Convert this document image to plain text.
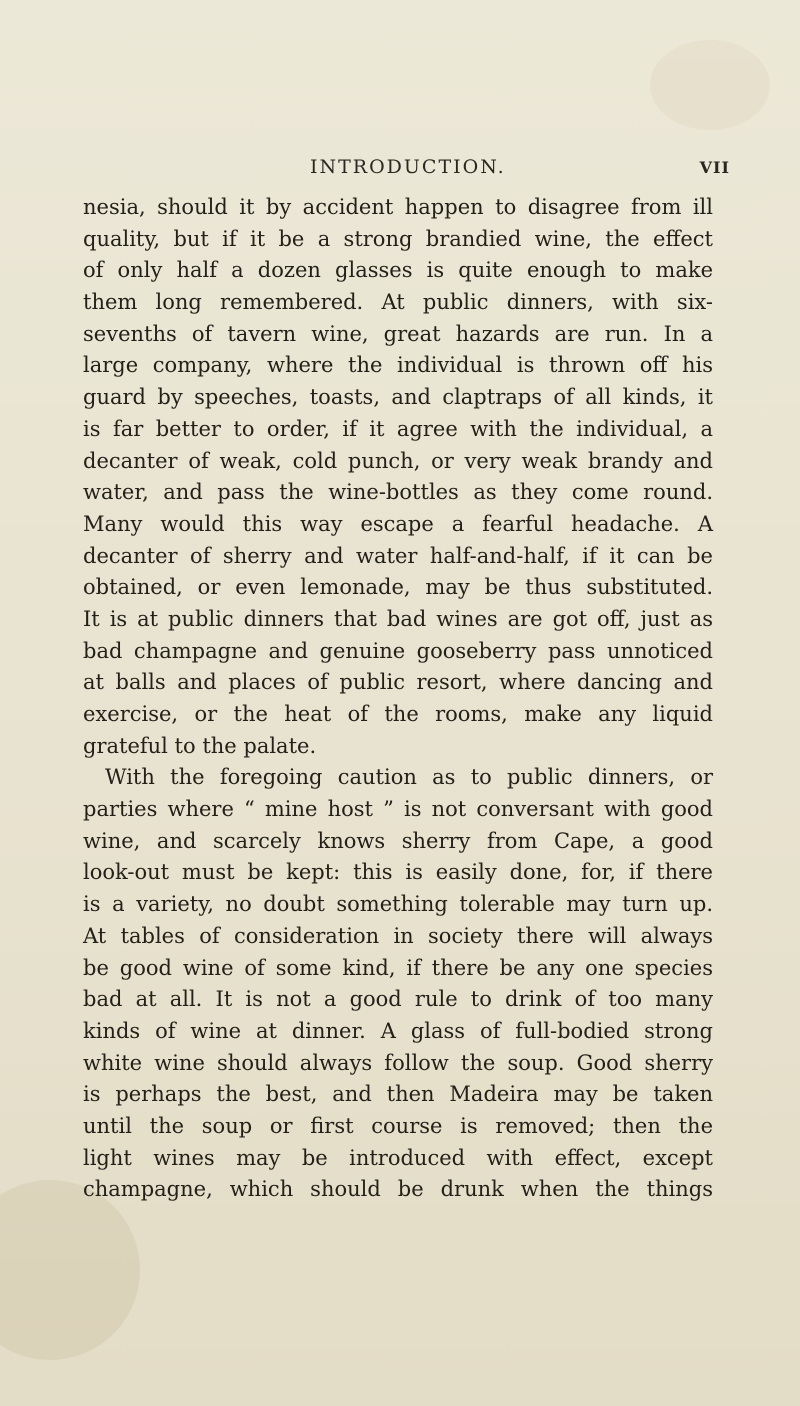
INTRODUCTION.	vii
nesia, should it by accident happen to disagree from ill
quality, but if it be a strong brandied wine, the effect
of only half a dozen glasses is quite enough to make
them long remembered. At public dinners, with six-
sevenths of tavern wine, great hazards are run. In a
large company, where the individual is thrown off his
guard by speeches, toasts, and claptraps of all kinds, it
is far better to order, if it agree with the individual, a
decanter of weak, cold punch, or very weak brandy and
water, and pass the wine-bottles as they come round.
Many would this way escape a fearful headache. A
decanter of sherry and water half-and-half, if it can be
obtained, or even lemonade, may be thus substituted.
It is at public dinners that bad wines are got off, just as
bad champagne and genuine gooseberry pass unnoticed
at balls and places of public resort, where dancing and
exercise, or the heat of the rooms, make any liquid
grateful to the palate.
With the foregoing caution as to public dinners, or
parties where “ mine host ” is not conversant with good
wine, and scarcely knows sherry from Cape, a good
look-out must be kept: this is easily done, for, if there
is a variety, no doubt something tolerable may turn up.
At tables of consideration in society there will always
be good wine of some kind, if there be any one species
bad at all. It is not a good rule to drink of too many
kinds of wine at dinner. A glass of full-bodied strong
white wine should always follow the soup. Good sherry
is perhaps the best, and then Madeira may be taken
until the soup or first course is removed; then the
light wines may be introduced with effect, except
champagne, which should be drunk when the things
